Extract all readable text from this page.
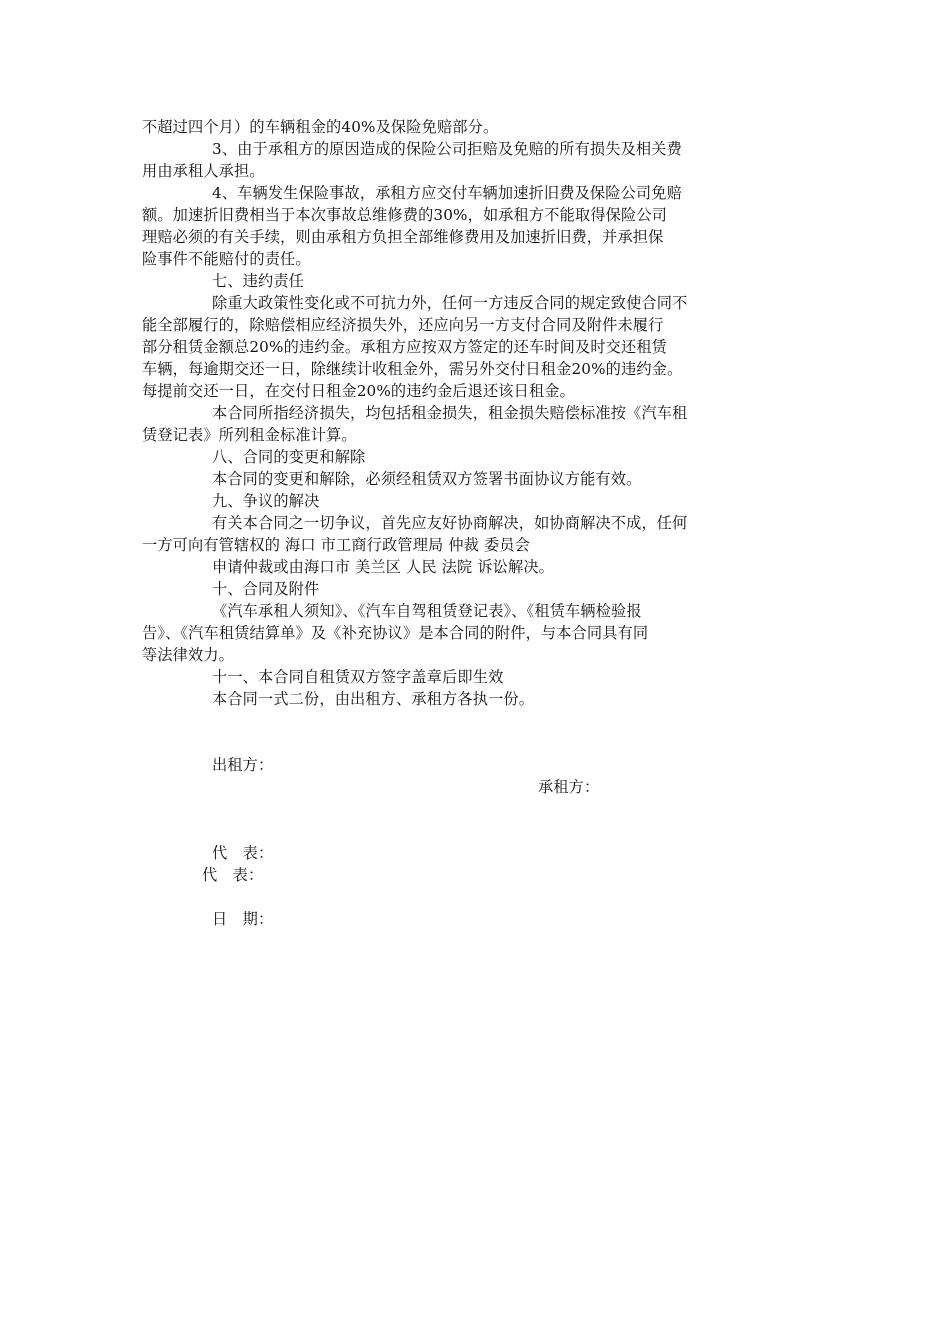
不超过四个月）的车辆租金的40%及保险免赔部分。
3、由于承租方的原因造成的保险公司拒赔及免赔的所有损失及相关费
用由承租人承担。
4、车辆发生保险事故，承租方应交付车辆加速折旧费及保险公司免赔
额。加速折旧费相当于本次事故总维修费的30%，如承租方不能取得保险公司
理赔必须的有关手续，则由承租方负担全部维修费用及加速折旧费，并承担保
险事件不能赔付的责任。
七、违约责任
除重大政策性变化或不可抗力外，任何一方违反合同的规定致使合同不
能全部履行的，除赔偿相应经济损失外，还应向另一方支付合同及附件未履行
部分租赁金额总20%的违约金。承租方应按双方签定的还车时间及时交还租赁
车辆，每逾期交还一日，除继续计收租金外，需另外交付日租金20%的违约金。
每提前交还一日，在交付日租金20%的违约金后退还该日租金。
本合同所指经济损失，均包括租金损失，租金损失赔偿标准按《汽车租
赁登记表》所列租金标准计算。
八、合同的变更和解除
本合同的变更和解除，必须经租赁双方签署书面协议方能有效。
九、争议的解决
有关本合同之一切争议，首先应友好协商解决，如协商解决不成，任何
一方可向有管辖权的 海口 市工商行政管理局 仲裁 委员会
申请仲裁或由海口市 美兰区 人民 法院 诉讼解决。
十、合同及附件
《汽车承租人须知》、《汽车自驾租赁登记表》、《租赁车辆检验报
告》、《汽车租赁结算单》及《补充协议》是本合同的附件，与本合同具有同
等法律效力。
十一、本合同自租赁双方签字盖章后即生效
本合同一式二份，由出租方、承租方各执一份。
出租方：
承租方：
代　表：
代　表：
日　期：
